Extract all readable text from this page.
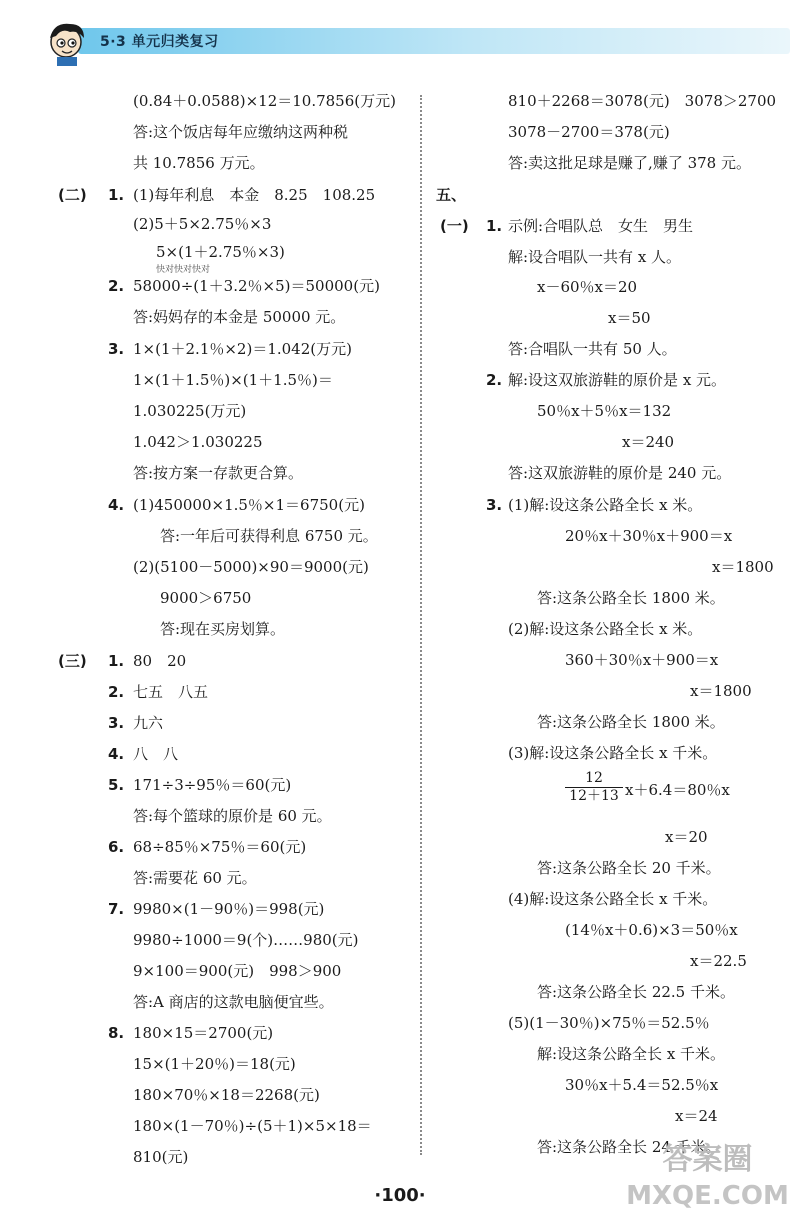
5·3 单元归类复习
(0.84＋0.0588)×12＝10.7856(万元)
答:这个饭店每年应缴纳这两种税
共 10.7856 万元。
(二) 1. (1)每年利息　本金　8.25　108.25
(2)5＋5×2.75％×3
5×(1＋2.75％×3)
快对快对快对
2. 58000÷(1＋3.2％×5)＝50000(元)
答:妈妈存的本金是 50000 元。
3. 1×(1＋2.1％×2)＝1.042(万元)
1×(1＋1.5％)×(1＋1.5％)＝
1.030225(万元)
1.042＞1.030225
答:按方案一存款更合算。
4. (1)450000×1.5％×1＝6750(元)
答:一年后可获得利息 6750 元。
(2)(5100－5000)×90＝9000(元)
9000＞6750
答:现在买房划算。
(三) 1. 80　20
2. 七五　八五
3. 九六
4. 八　八
5. 171÷3÷95％＝60(元)
答:每个篮球的原价是 60 元。
6. 68÷85％×75％＝60(元)
答:需要花 60 元。
7. 9980×(1－90％)＝998(元)
9980÷1000＝9(个)……980(元)
9×100＝900(元)　998＞900
答:A 商店的这款电脑便宜些。
8. 180×15＝2700(元)
15×(1＋20％)＝18(元)
180×70％×18＝2268(元)
180×(1－70％)÷(5＋1)×5×18＝
810(元)
810＋2268＝3078(元)　3078＞2700
3078－2700＝378(元)
答:卖这批足球是赚了,赚了 378 元。
五、
(一) 1. 示例:合唱队总　女生　男生
解:设合唱队一共有 x 人。
x－60％x＝20
x＝50
答:合唱队一共有 50 人。
2. 解:设这双旅游鞋的原价是 x 元。
50％x＋5％x＝132
x＝240
答:这双旅游鞋的原价是 240 元。
3. (1)解:设这条公路全长 x 米。
20％x＋30％x＋900＝x
x＝1800
答:这条公路全长 1800 米。
(2)解:设这条公路全长 x 米。
360＋30％x＋900＝x
x＝1800
答:这条公路全长 1800 米。
(3)解:设这条公路全长 x 千米。
$\frac{12}{12+13} x+6.4=80$％x
x＝20
答:这条公路全长 20 千米。
(4)解:设这条公路全长 x 千米。
(14％x＋0.6)×3＝50％x
x＝22.5
答:这条公路全长 22.5 千米。
(5)(1－30％)×75％＝52.5％
解:设这条公路全长 x 千米。
30％x＋5.4＝52.5％x
x＝24
答:这条公路全长 24 千米。
·100·
答案圈
MXQE.COM
